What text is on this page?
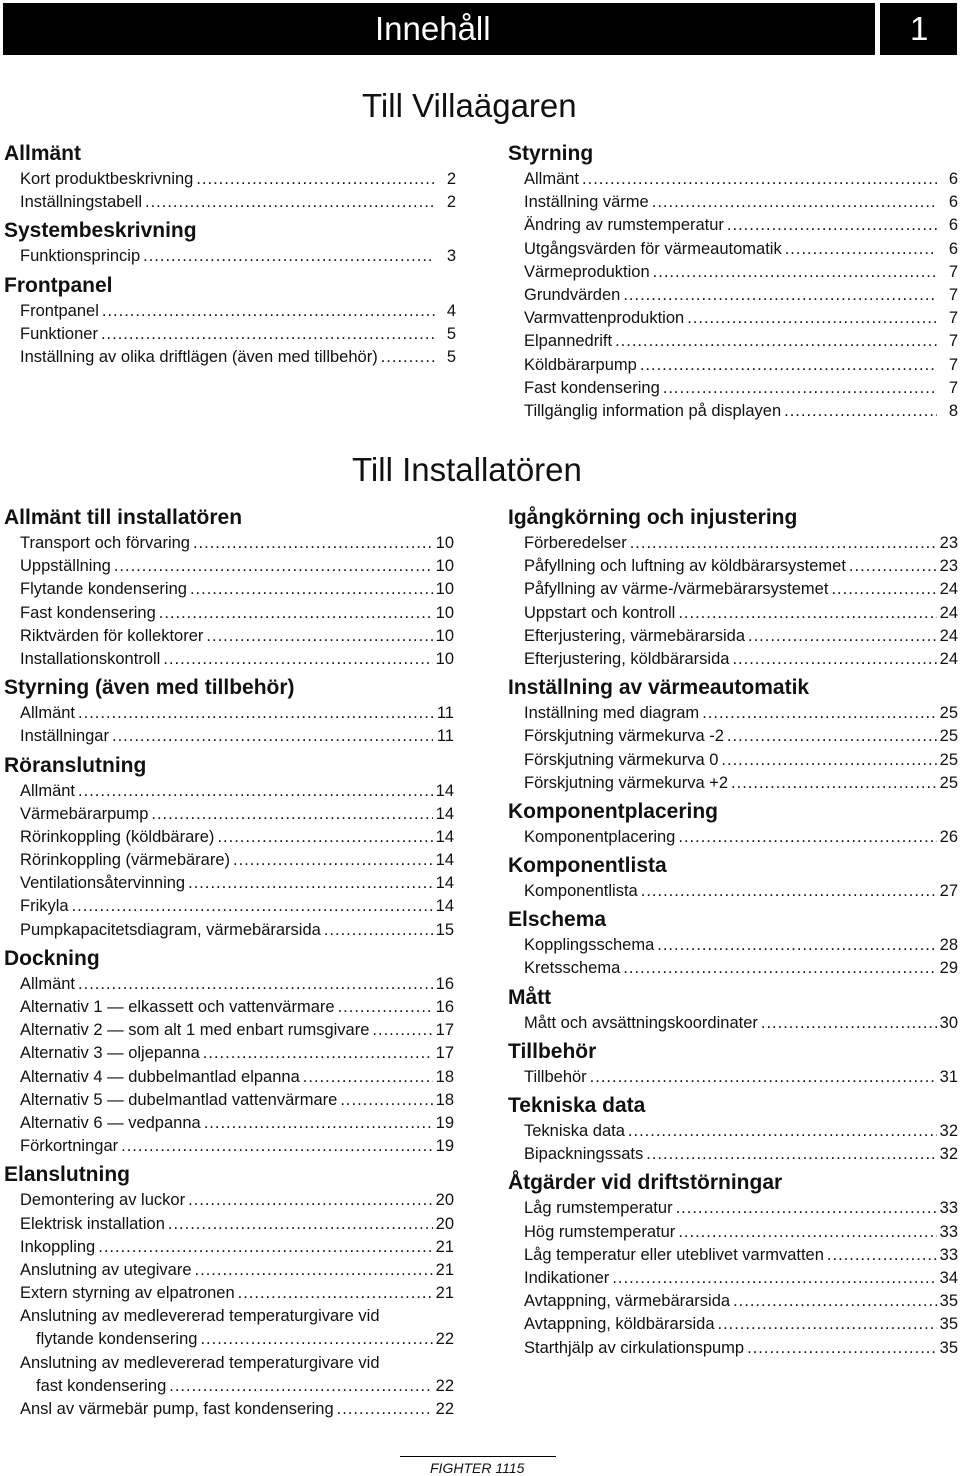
Innehåll	1
Till Villaägaren
Allmänt
Kort produktbeskrivning .....	2
Inställningstabell .....	2
Systembeskrivning
Funktionsprincip .....	3
Frontpanel
Frontpanel .....	4
Funktioner .....	5
Inställning av olika driftlägen (även med tillbehör) .....	5
Styrning
Allmänt .....	6
Inställning värme .....	6
Ändring av rumstemperatur .....	6
Utgångsvärden för värmeautomatik .....	6
Värmeproduktion .....	7
Grundvärden .....	7
Varmvattenproduktion .....	7
Elpannedrift .....	7
Köldbärarpump .....	7
Fast kondensering .....	7
Tillgänglig information på displayen .....	8
Till Installatören
Allmänt till installatören
Transport och förvaring .....	10
Uppställning .....	10
Flytande kondensering .....	10
Fast kondensering .....	10
Riktvärden för kollektorer .....	10
Installationskontroll .....	10
Styrning (även med tillbehör)
Allmänt .....	11
Inställningar .....	11
Röranslutning
Allmänt .....	14
Värmebärarpump .....	14
Rörinkoppling (köldbärare) .....	14
Rörinkoppling (värmebärare) .....	14
Ventilationsåtervinning .....	14
Frikyla .....	14
Pumpkapacitetsdiagram, värmebärarsida .....	15
Dockning
Allmänt .....	16
Alternativ 1 — elkassett och vattenvärmare .....	16
Alternativ 2 — som alt 1 med enbart rumsgivare .....	17
Alternativ 3 — oljepanna .....	17
Alternativ 4 — dubbelmantlad elpanna .....	18
Alternativ 5 — dubelmantlad vattenvärmare .....	18
Alternativ 6 — vedpanna .....	19
Förkortningar .....	19
Elanslutning
Demontering av luckor .....	20
Elektrisk installation .....	20
Inkoppling .....	21
Anslutning av utegivare .....	21
Extern styrning av elpatronen .....	21
Anslutning av medlevererad temperaturgivare vid
flytande kondensering .....	22
Anslutning av medlevererad temperaturgivare vid
fast kondensering .....	22
Ansl av värmebär pump, fast kondensering .....	22
Igångkörning och injustering
Förberedelser .....	23
Påfyllning och luftning av köldbärarsystemet .....	23
Påfyllning av värme-/värmebärarsystemet .....	24
Uppstart och kontroll .....	24
Efterjustering, värmebärarsida .....	24
Efterjustering, köldbärarsida .....	24
Inställning av värmeautomatik
Inställning med diagram .....	25
Förskjutning värmekurva -2 .....	25
Förskjutning värmekurva 0 .....	25
Förskjutning värmekurva +2 .....	25
Komponentplacering
Komponentplacering .....	26
Komponentlista
Komponentlista .....	27
Elschema
Kopplingsschema .....	28
Kretsschema .....	29
Mått
Mått och avsättningskoordinater .....	30
Tillbehör
Tillbehör .....	31
Tekniska data
Tekniska data .....	32
Bipackningssats .....	32
Åtgärder vid driftstörningar
Låg rumstemperatur .....	33
Hög rumstemperatur .....	33
Låg temperatur eller uteblivet varmvatten .....	33
Indikationer .....	34
Avtappning, värmebärarsida .....	35
Avtappning, köldbärarsida .....	35
Starthjälp av cirkulationspump .....	35
FIGHTER 1115
